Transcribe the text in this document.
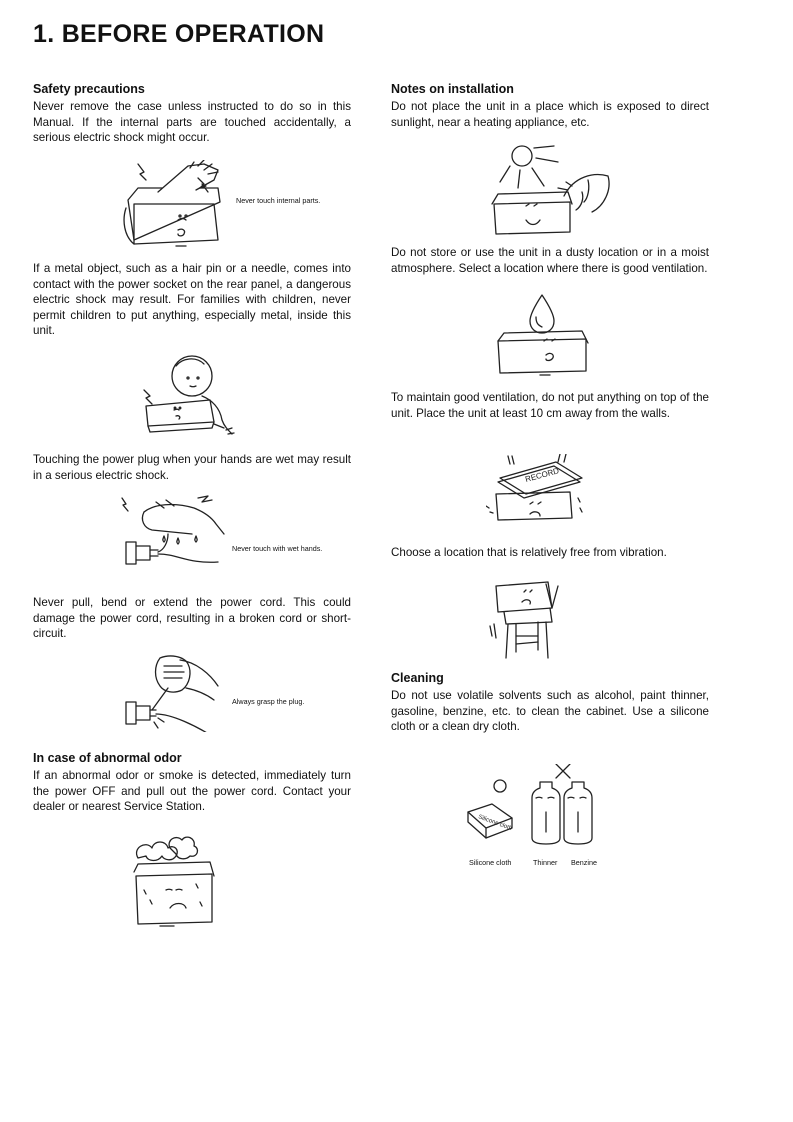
1. BEFORE OPERATION
Safety precautions

Never remove the case unless instructed to do so in this Manual. If the internal parts are touched accidentally, a serious electric shock might occur.

Never touch internal parts.

If a metal object, such as a hair pin or a needle, comes into contact with the power socket on the rear panel, a dangerous electric shock may result. For families with children, never permit children to put anything, especially metal, inside this unit.

Touching the power plug when your hands are wet may result in a serious electric shock.

Never touch with wet hands.

Never pull, bend or extend the power cord. This could damage the power cord, resulting in a broken cord or short-circuit.

Always grasp the plug.
In case of abnormal odor

If an abnormal odor or smoke is detected, immediately turn the power OFF and pull out the power cord. Contact your dealer or nearest Service Station.

Notes on installation

Do not place the unit in a place which is exposed to direct sunlight, near a heating appliance, etc.

Do not store or use the unit in a dusty location or in a moist atmosphere. Select a location where there is good ventilation.

To maintain good ventilation, do not put anything on top of the unit. Place the unit at least 10 cm away from the walls.

RECORD

Choose a location that is relatively free from vibration.

Cleaning

Do not use volatile solvents such as alcohol, paint thinner, gasoline, benzine, etc. to clean the cabinet. Use a silicone cloth or a clean dry cloth.

Silicone cloth
Silicone cloth	Thinner Benzine
